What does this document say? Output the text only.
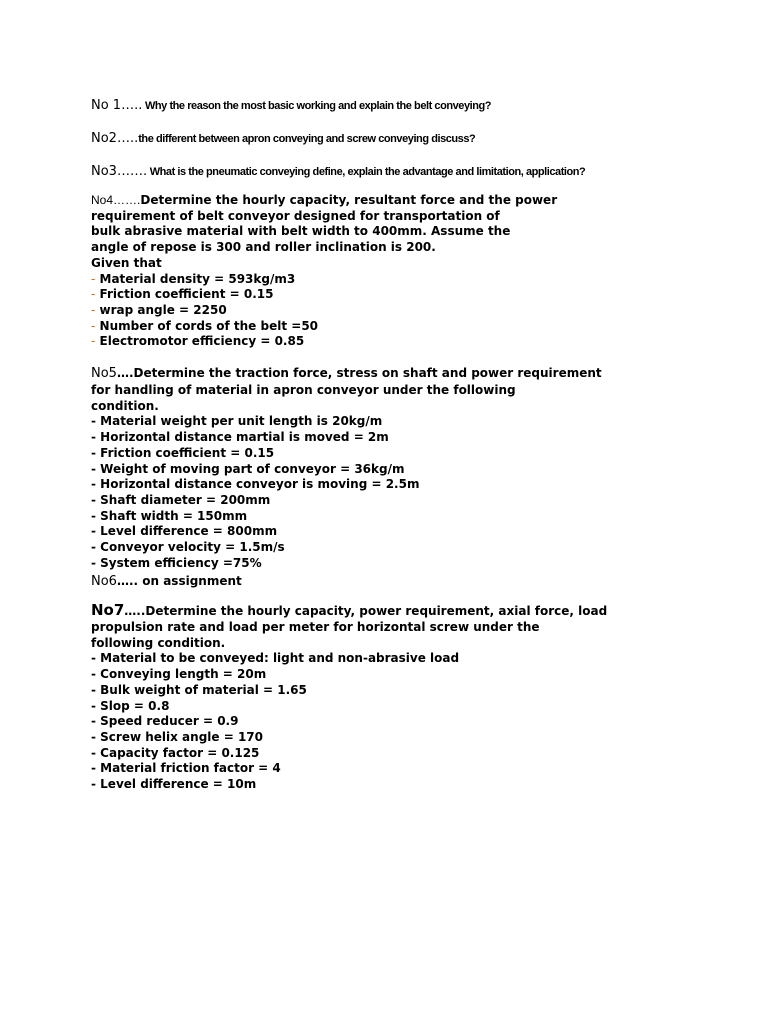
No 1….. Why the reason the most basic working and explain the belt conveying?

No2…..the different between apron conveying and screw conveying discuss?

No3……. What is the pneumatic conveying define, explain the advantage and limitation, application?

No4…….Determine the hourly capacity, resultant force and the power
requirement of belt conveyor designed for transportation of
bulk abrasive material with belt width to 400mm. Assume the
angle of repose is 300 and roller inclination is 200.
Given that
- Material density = 593kg/m3
- Friction coefficient = 0.15
- wrap angle = 2250
- Number of cords of the belt =50
- Electromotor efficiency = 0.85
No5….Determine the traction force, stress on shaft and power requirement
for handling of material in apron conveyor under the following
condition.
- Material weight per unit length is 20kg/m
- Horizontal distance martial is moved = 2m
- Friction coefficient = 0.15
- Weight of moving part of conveyor = 36kg/m
- Horizontal distance conveyor is moving = 2.5m
- Shaft diameter = 200mm
- Shaft width = 150mm
- Level difference = 800mm
- Conveyor velocity = 1.5m/s
- System efficiency =75%

No6….. on assignment

No7…..Determine the hourly capacity, power requirement, axial force, load
propulsion rate and load per meter for horizontal screw under the
following condition.
- Material to be conveyed: light and non-abrasive load
- Conveying length = 20m
- Bulk weight of material = 1.65
- Slop = 0.8
- Speed reducer = 0.9
- Screw helix angle = 170
- Capacity factor = 0.125
- Material friction factor = 4
- Level difference = 10m
